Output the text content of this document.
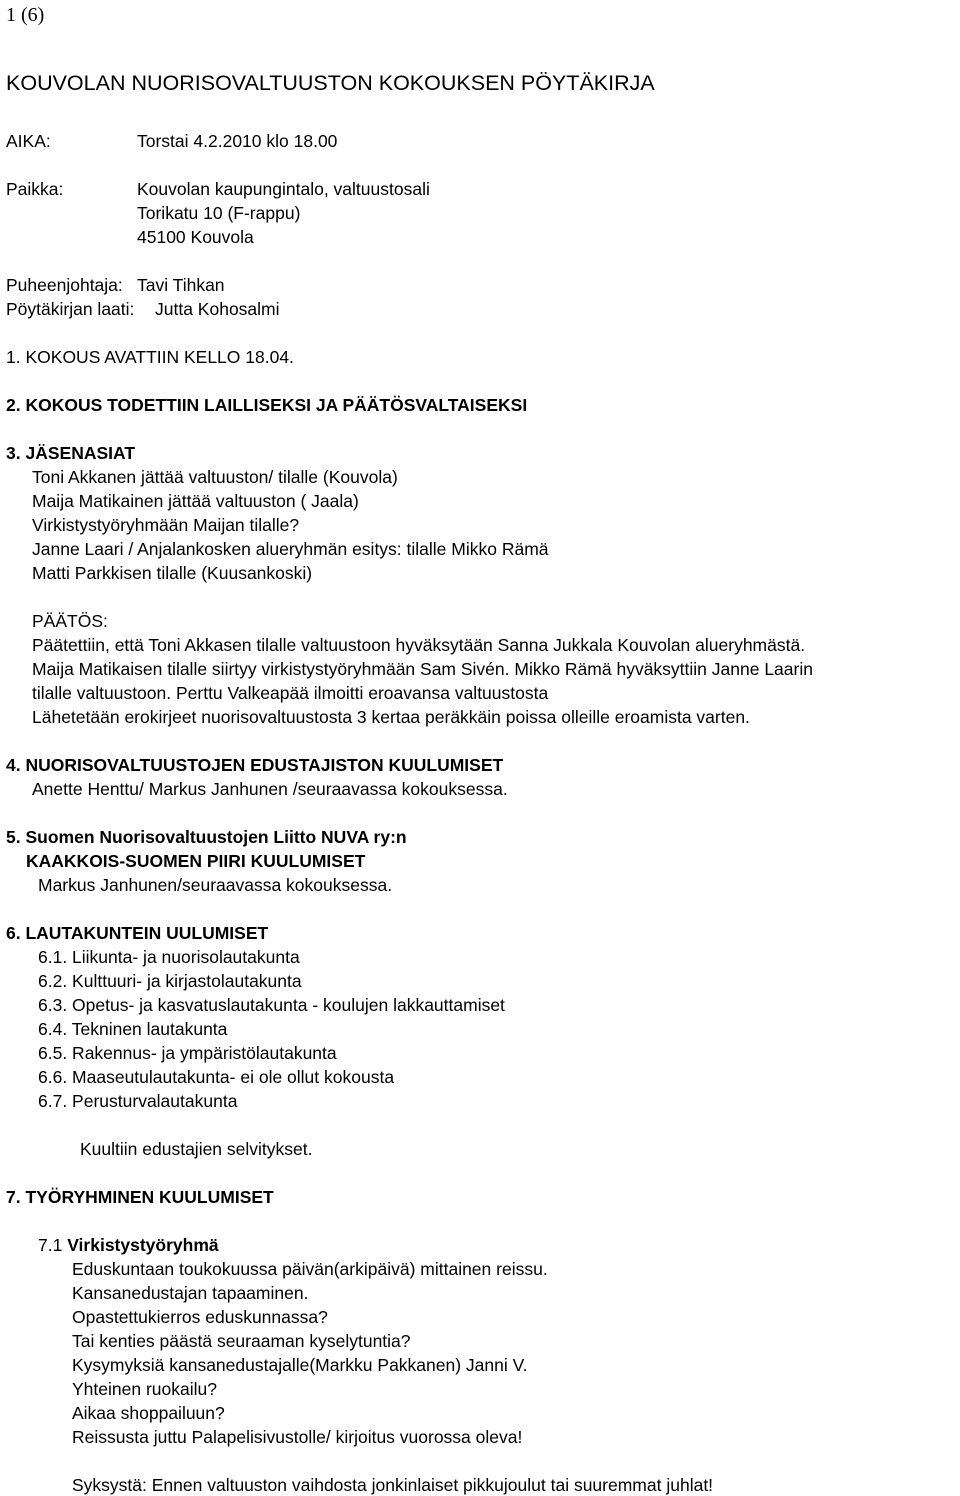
1 (6)
KOUVOLAN NUORISOVALTUUSTON KOKOUKSEN PÖYTÄKIRJA
AIKA:	Torstai 4.2.2010 klo 18.00
Paikka:	Kouvolan kaupungintalo, valtuustosali
Torikatu 10 (F-rappu)
45100 Kouvola
Puheenjohtaja: Tavi Tihkan
Pöytäkirjan laati: Jutta Kohosalmi
1. KOKOUS AVATTIIN KELLO 18.04.
2. KOKOUS TODETTIIN LAILLISEKSI JA PÄÄTÖSVALTAISEKSI
3. JÄSENASIAT
Toni Akkanen jättää valtuuston/ tilalle (Kouvola)
Maija Matikainen jättää valtuuston ( Jaala)
Virkistystyöryhmään Maijan tilalle?
Janne Laari / Anjalankosken alueryhmän esitys: tilalle Mikko Rämä
Matti Parkkisen tilalle (Kuusankoski)
PÄÄTÖS:
Päätettiin, että Toni Akkasen tilalle valtuustoon hyväksytään Sanna Jukkala Kouvolan alueryhmästä.
Maija Matikaisen tilalle siirtyy virkistystyöryhmään Sam Sivén. Mikko Rämä hyväksyttiin Janne Laarin
tilalle valtuustoon. Perttu Valkeapää ilmoitti eroavansa valtuustosta
Lähetetään erokirjeet nuorisovaltuustosta 3 kertaa peräkkäin poissa olleille eroamista varten.
4. NUORISOVALTUUSTOJEN EDUSTAJISTON KUULUMISET
Anette Henttu/ Markus Janhunen /seuraavassa kokouksessa.
5. Suomen Nuorisovaltuustojen Liitto NUVA ry:n
KAAKKOIS-SUOMEN PIIRI KUULUMISET
Markus Janhunen/seuraavassa kokouksessa.
6. LAUTAKUNTEIN UULUMISET
6.1. Liikunta- ja nuorisolautakunta
6.2. Kulttuuri- ja kirjastolautakunta
6.3. Opetus- ja kasvatuslautakunta - koulujen lakkauttamiset
6.4. Tekninen lautakunta
6.5. Rakennus- ja ympäristölautakunta
6.6. Maaseutulautakunta- ei ole ollut kokousta
6.7. Perusturvalautakunta
Kuultiin edustajien selvitykset.
7. TYÖRYHMINEN KUULUMISET
7.1 Virkistystyöryhmä
Eduskuntaan toukokuussa päivän(arkipäivä) mittainen reissu.
Kansanedustajan tapaaminen.
Opastettukierros eduskunnassa?
Tai kenties päästä seuraaman kyselytuntia?
Kysymyksiä kansanedustajalle(Markku Pakkanen) Janni V.
Yhteinen ruokailu?
Aikaa shoppailuun?
Reissusta juttu Palapelisivustolle/ kirjoitus vuorossa oleva!
Syksystä: Ennen valtuuston vaihdosta jonkinlaiset pikkujoulut tai suuremmat juhlat!
